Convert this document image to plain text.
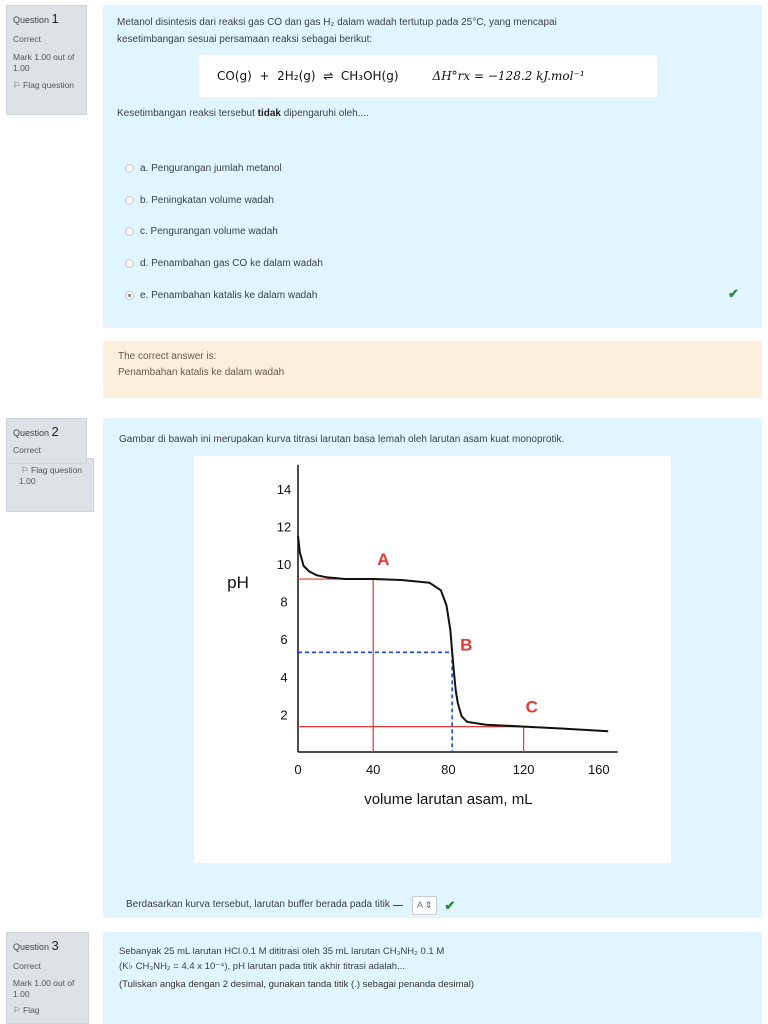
Question 1
Correct
Mark 1.00 out of 1.00
⚐ Flag question
Metanol disintesis dari reaksi gas CO dan gas H₂ dalam wadah tertutup pada 25°C, yang mencapai
kesetimbangan sesuai persamaan reaksi sebagai berikut:
CO(g)  +  2H₂(g)  ⇌  CH₃OH(g)	ΔH°rx = −128.2 kJ.mol⁻¹
Kesetimbangan reaksi tersebut tidak dipengaruhi oleh....
a. Pengurangan jumlah metanol
b. Peningkatan volume wadah
c. Pengurangan volume wadah
d. Penambahan gas CO ke dalam wadah
e. Penambahan katalis ke dalam wadah	✔
The correct answer is:
Penambahan katalis ke dalam wadah
Question 2
Correct
1.00
⚐ Flag question
Gambar di bawah ini merupakan kurva titrasi larutan basa lemah oleh larutan asam kuat monoprotik.
0	40	80	120	160
2
4
6
8
10
12
14
volume larutan asam, mL
pH
A
B
C
Berdasarkan kurva tersebut, larutan buffer berada pada titik	A ⇕ ✔
Question 3
Correct
Mark 1.00 out of 1.00
⚐ Flag
Sebanyak 25 mL larutan HCl 0.1 M dititrasi oleh 35 mL larutan CH₃NH₂ 0.1 M
(K♭ CH₃NH₂ = 4.4 x 10⁻⁴), pH larutan pada titik akhir titrasi adalah...
(Tuliskan angka dengan 2 desimal, gunakan tanda titik (.) sebagai penanda desimal)
